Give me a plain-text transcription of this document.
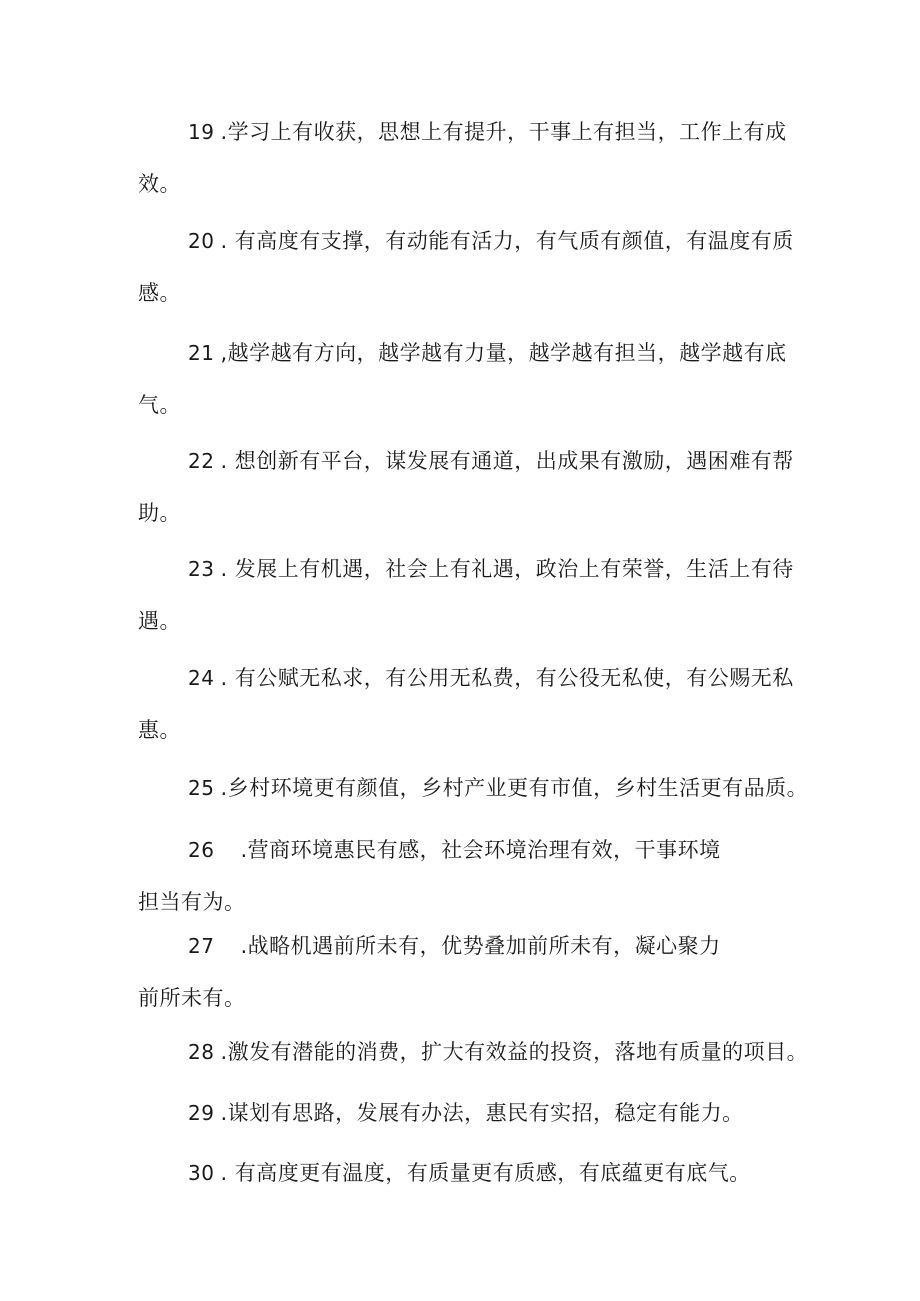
19 .学习上有收获，思想上有提升，干事上有担当，工作上有成
效。
20 . 有高度有支撑，有动能有活力，有气质有颜值，有温度有质
感。
21 ,越学越有方向，越学越有力量，越学越有担当，越学越有底
气。
22 . 想创新有平台，谋发展有通道，出成果有激励，遇困难有帮
助。
23 . 发展上有机遇，社会上有礼遇，政治上有荣誉，生活上有待
遇。
24 . 有公赋无私求，有公用无私费，有公役无私使，有公赐无私
惠。
25 .乡村环境更有颜值，乡村产业更有市值，乡村生活更有品质。
26 .营商环境惠民有感，社会环境治理有效，干事环境
担当有为。
27 .战略机遇前所未有，优势叠加前所未有，凝心聚力
前所未有。
28 .激发有潜能的消费，扩大有效益的投资，落地有质量的项目。
29 .谋划有思路，发展有办法，惠民有实招，稳定有能力。
30 . 有高度更有温度，有质量更有质感，有底蕴更有底气。
